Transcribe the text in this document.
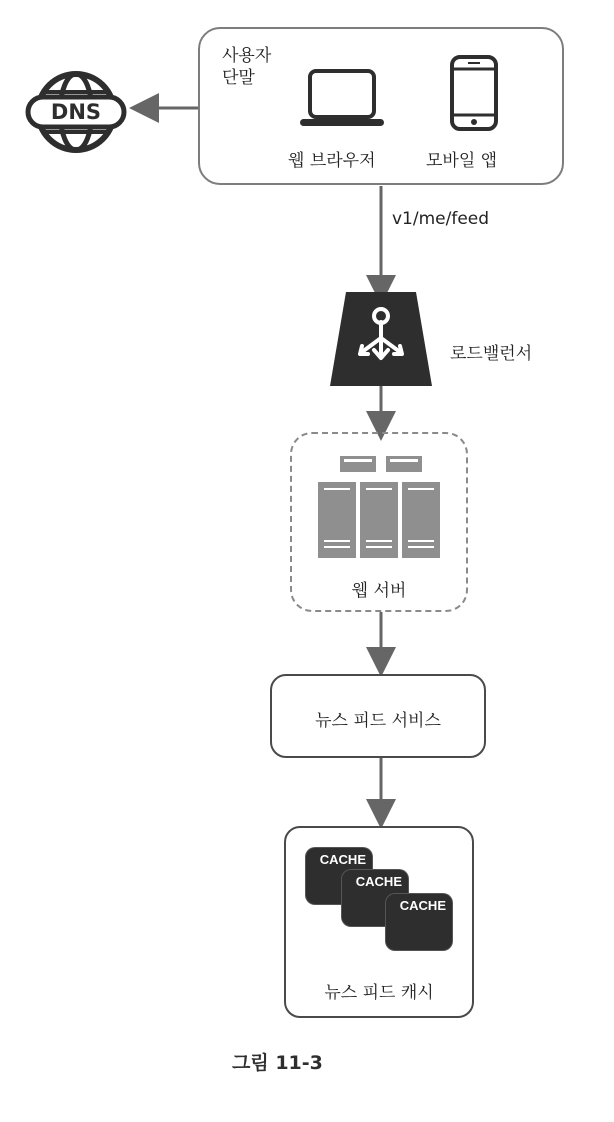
DNS
사용자
단말
웹 브라우저	모바일 앱
v1/me/feed
로드밸런서
웹 서버
뉴스 피드 서비스
CACHE
CACHE
CACHE
뉴스 피드 캐시
그림 11-3
